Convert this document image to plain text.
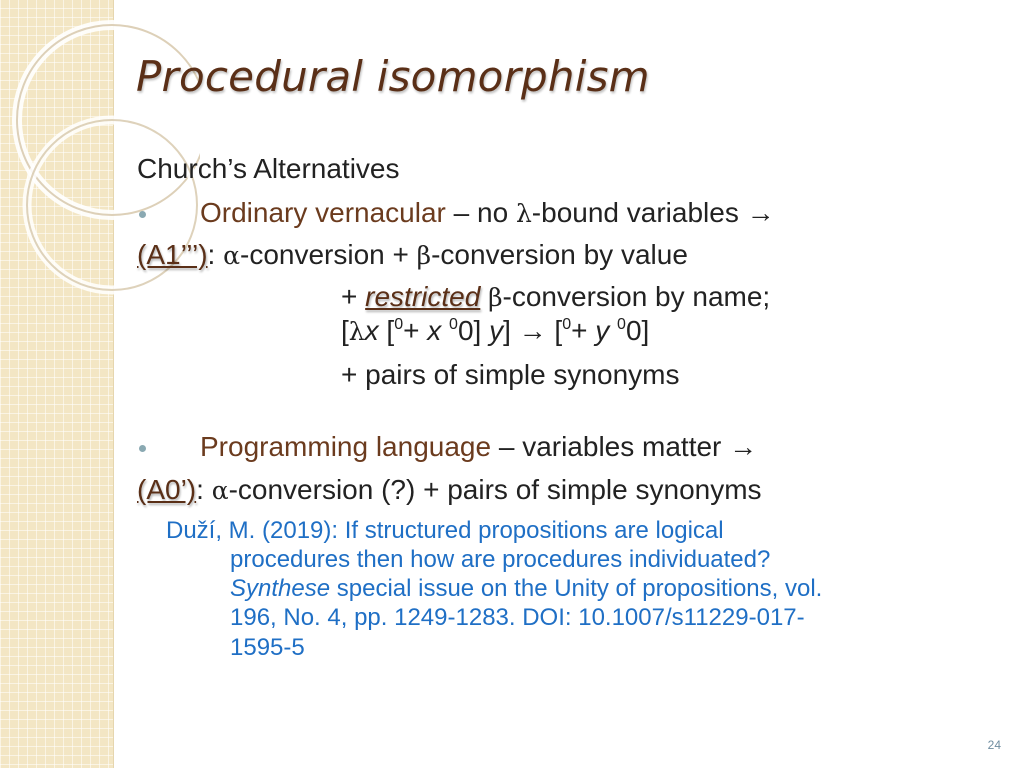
Procedural isomorphism
Church’s Alternatives
Ordinary vernacular – no λ-bound variables →
(A1’’’): α-conversion + β-conversion by value
+ restricted β-conversion by name;
[λx [$^0$+ x $^0$0] y] → [$^0$+ y $^0$0]
+ pairs of simple synonyms
Programming language – variables matter →
(A0’): α-conversion (?) + pairs of simple synonyms
Duží, M. (2019): If structured propositions are logical
procedures then how are procedures individuated?
Synthese special issue on the Unity of propositions, vol.
196, No. 4, pp. 1249-1283. DOI: 10.1007/s11229-017-
1595-5
24
